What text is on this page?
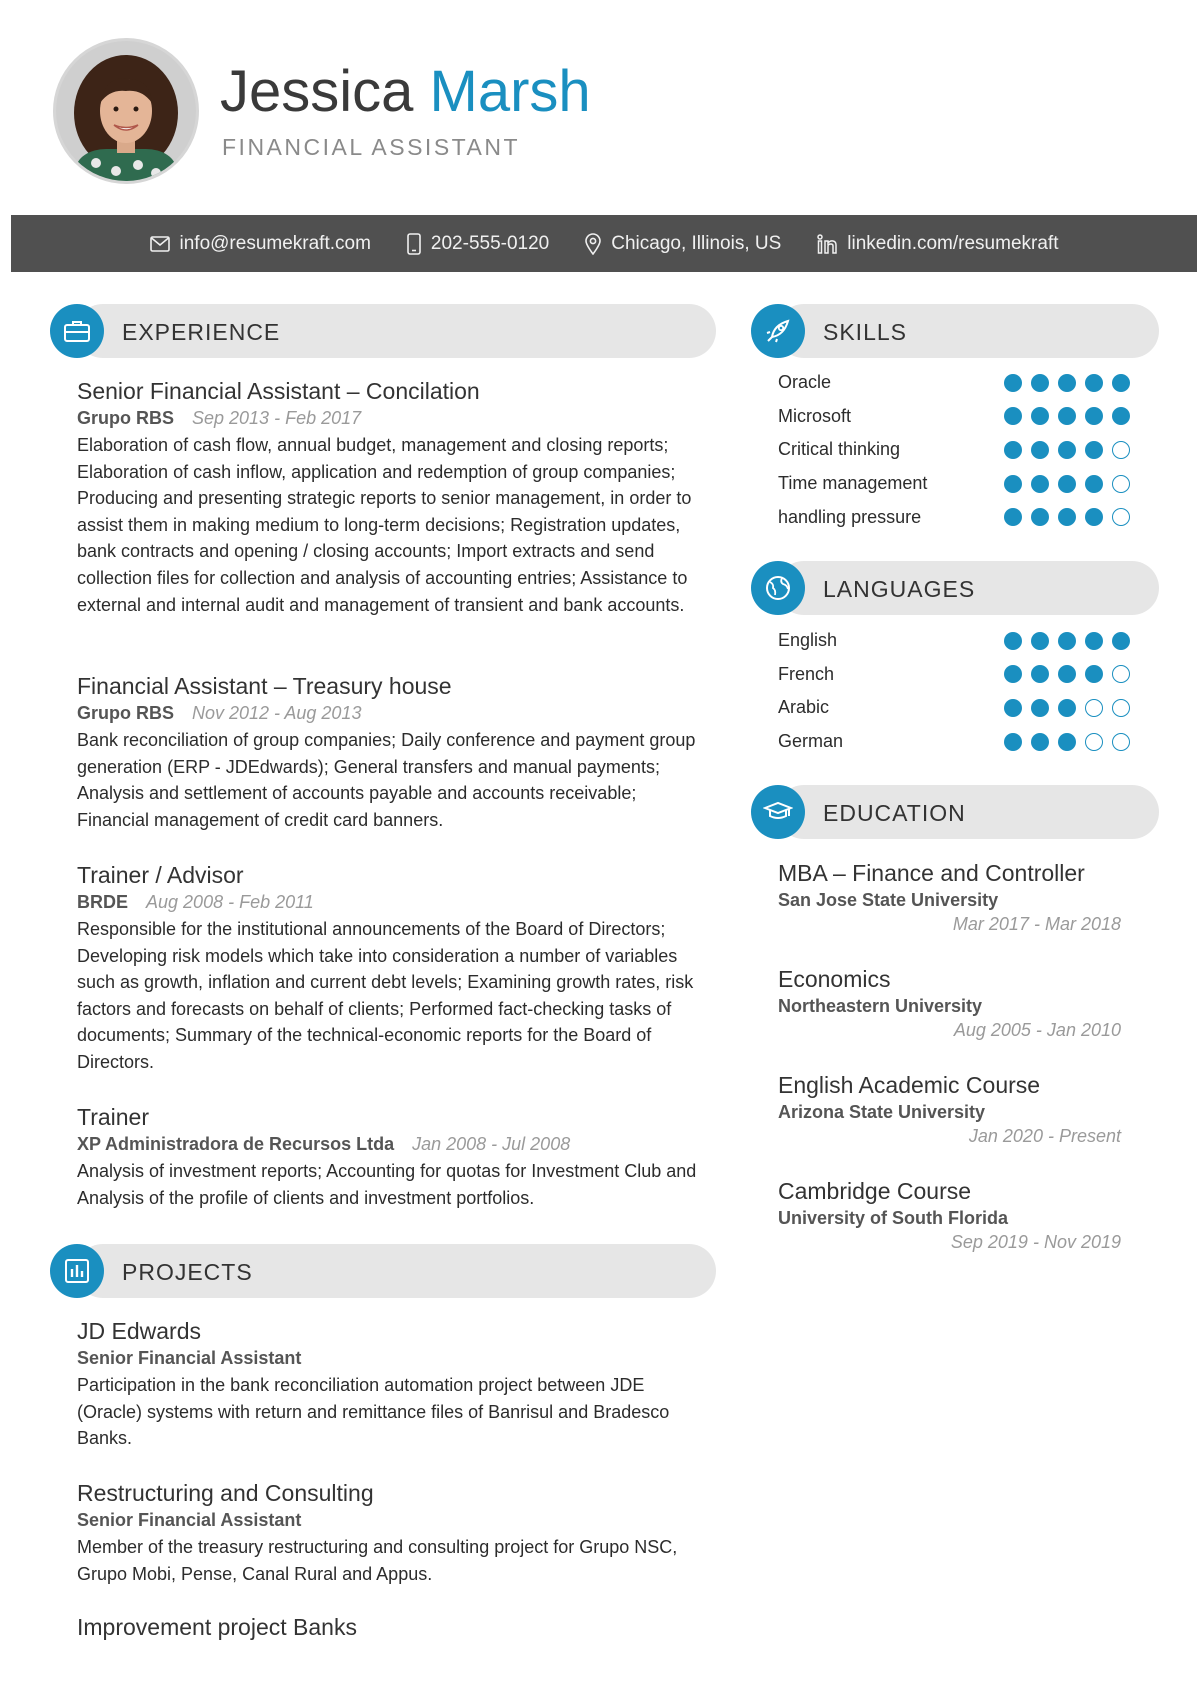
Jessica Marsh
FINANCIAL ASSISTANT
info@resumekraft.com	202-555-0120	Chicago, Illinois, US	linkedin.com/resumekraft
EXPERIENCE
Senior Financial Assistant – Concilation
Grupo RBS Sep 2013 - Feb 2017
Elaboration of cash flow, annual budget, management and closing reports; Elaboration of cash inflow, application and redemption of group companies; Producing and presenting strategic reports to senior management, in order to assist them in making medium to long-term decisions; Registration updates, bank contracts and opening / closing accounts; Import extracts and send collection files for collection and analysis of accounting entries; Assistance to external and internal audit and management of transient and bank accounts.
Financial Assistant – Treasury house
Grupo RBS Nov 2012 - Aug 2013
Bank reconciliation of group companies; Daily conference and payment group generation (ERP - JDEdwards); General transfers and manual payments; Analysis and settlement of accounts payable and accounts receivable; Financial management of credit card banners.
Trainer / Advisor
BRDE Aug 2008 - Feb 2011
Responsible for the institutional announcements of the Board of Directors; Developing risk models which take into consideration a number of variables such as growth, inflation and current debt levels; Examining growth rates, risk factors and forecasts on behalf of clients; Performed fact-checking tasks of documents; Summary of the technical-economic reports for the Board of Directors.
Trainer
XP Administradora de Recursos Ltda Jan 2008 - Jul 2008
Analysis of investment reports; Accounting for quotas for Investment Club and Analysis of the profile of clients and investment portfolios.
PROJECTS
JD Edwards
Senior Financial Assistant
Participation in the bank reconciliation automation project between JDE (Oracle) systems with return and remittance files of Banrisul and Bradesco Banks.
Restructuring and Consulting
Senior Financial Assistant
Member of the treasury restructuring and consulting project for Grupo NSC, Grupo Mobi, Pense, Canal Rural and Appus.
Improvement project Banks
SKILLS
Oracle
Microsoft
Critical thinking
Time management
handling pressure
LANGUAGES
English
French
Arabic
German
EDUCATION
MBA – Finance and Controller
San Jose State University
Mar 2017 - Mar 2018
Economics
Northeastern University
Aug 2005 - Jan 2010
English Academic Course
Arizona State University
Jan 2020 - Present
Cambridge Course
University of South Florida
Sep 2019 - Nov 2019
